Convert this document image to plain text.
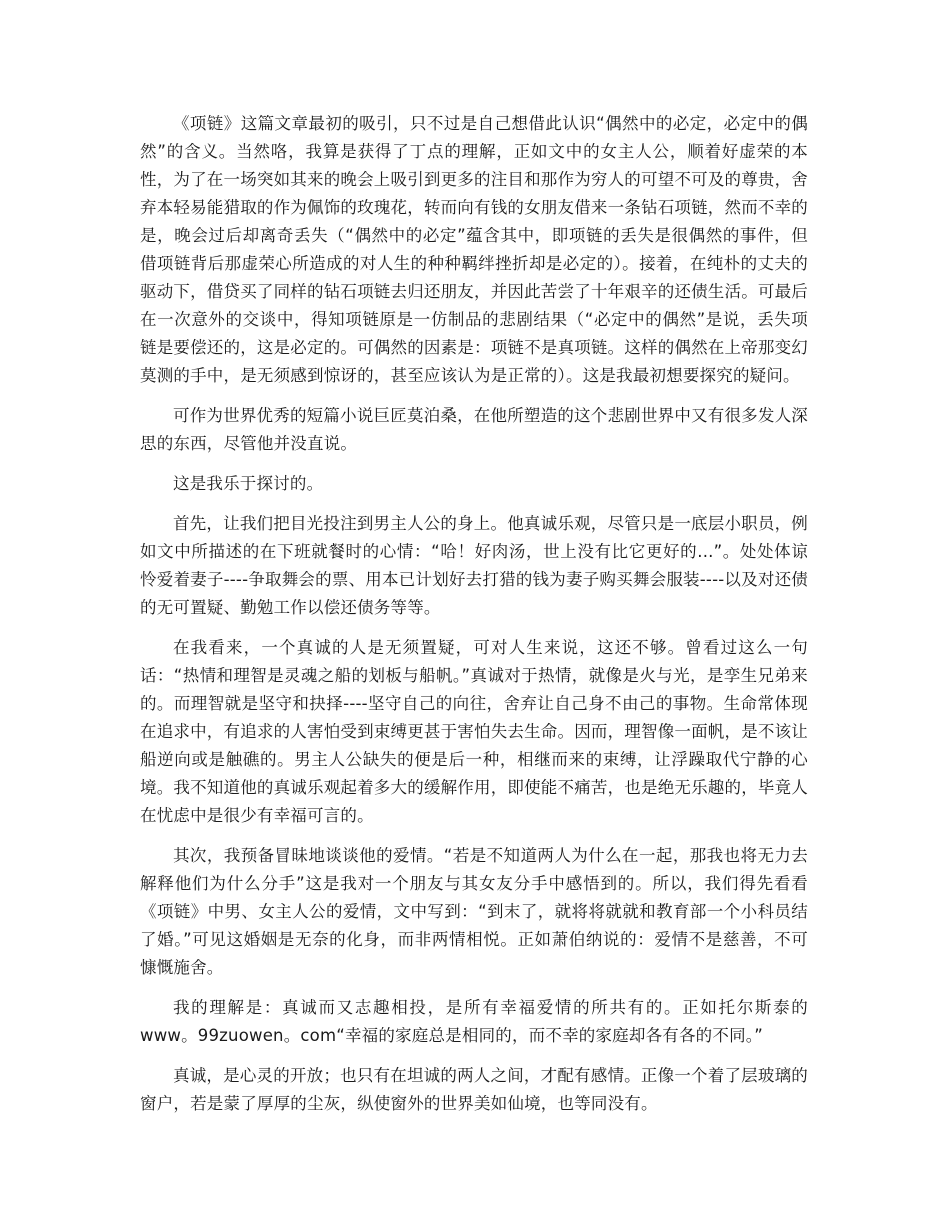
《项链》这篇文章最初的吸引，只不过是自己想借此认识“偶然中的必定，必定中的偶然”的含义。当然咯，我算是获得了丁点的理解，正如文中的女主人公，顺着好虚荣的本性，为了在一场突如其来的晚会上吸引到更多的注目和那作为穷人的可望不可及的尊贵，舍弃本轻易能猎取的作为佩饰的玫瑰花，转而向有钱的女朋友借来一条钻石项链，然而不幸的是，晚会过后却离奇丢失（“偶然中的必定”蕴含其中，即项链的丢失是很偶然的事件，但借项链背后那虚荣心所造成的对人生的种种羁绊挫折却是必定的）。接着，在纯朴的丈夫的驱动下，借贷买了同样的钻石项链去归还朋友，并因此苦尝了十年艰辛的还债生活。可最后在一次意外的交谈中，得知项链原是一仿制品的悲剧结果（“必定中的偶然”是说，丢失项链是要偿还的，这是必定的。可偶然的因素是：项链不是真项链。这样的偶然在上帝那变幻莫测的手中，是无须感到惊讶的，甚至应该认为是正常的）。这是我最初想要探究的疑问。

可作为世界优秀的短篇小说巨匠莫泊桑，在他所塑造的这个悲剧世界中又有很多发人深思的东西，尽管他并没直说。

这是我乐于探讨的。

首先，让我们把目光投注到男主人公的身上。他真诚乐观，尽管只是一底层小职员，例如文中所描述的在下班就餐时的心情：“哈！好肉汤，世上没有比它更好的...”。处处体谅怜爱着妻子----争取舞会的票、用本已计划好去打猎的钱为妻子购买舞会服装----以及对还债的无可置疑、勤勉工作以偿还债务等等。

在我看来，一个真诚的人是无须置疑，可对人生来说，这还不够。曾看过这么一句话：“热情和理智是灵魂之船的划板与船帆。”真诚对于热情，就像是火与光，是孪生兄弟来的。而理智就是坚守和抉择----坚守自己的向往，舍弃让自己身不由己的事物。生命常体现在追求中，有追求的人害怕受到束缚更甚于害怕失去生命。因而，理智像一面帆，是不该让船逆向或是触礁的。男主人公缺失的便是后一种，相继而来的束缚，让浮躁取代宁静的心境。我不知道他的真诚乐观起着多大的缓解作用，即使能不痛苦，也是绝无乐趣的，毕竟人在忧虑中是很少有幸福可言的。

其次，我预备冒昧地谈谈他的爱情。“若是不知道两人为什么在一起，那我也将无力去解释他们为什么分手”这是我对一个朋友与其女友分手中感悟到的。所以，我们得先看看《项链》中男、女主人公的爱情，文中写到：“到末了，就将将就就和教育部一个小科员结了婚。”可见这婚姻是无奈的化身，而非两情相悦。正如萧伯纳说的：爱情不是慈善，不可慷慨施舍。

我的理解是：真诚而又志趣相投，是所有幸福爱情的所共有的。正如托尔斯泰的www。99zuowen。com“幸福的家庭总是相同的，而不幸的家庭却各有各的不同。”

真诚，是心灵的开放；也只有在坦诚的两人之间，才配有感情。正像一个着了层玻璃的窗户，若是蒙了厚厚的尘灰，纵使窗外的世界美如仙境，也等同没有。
